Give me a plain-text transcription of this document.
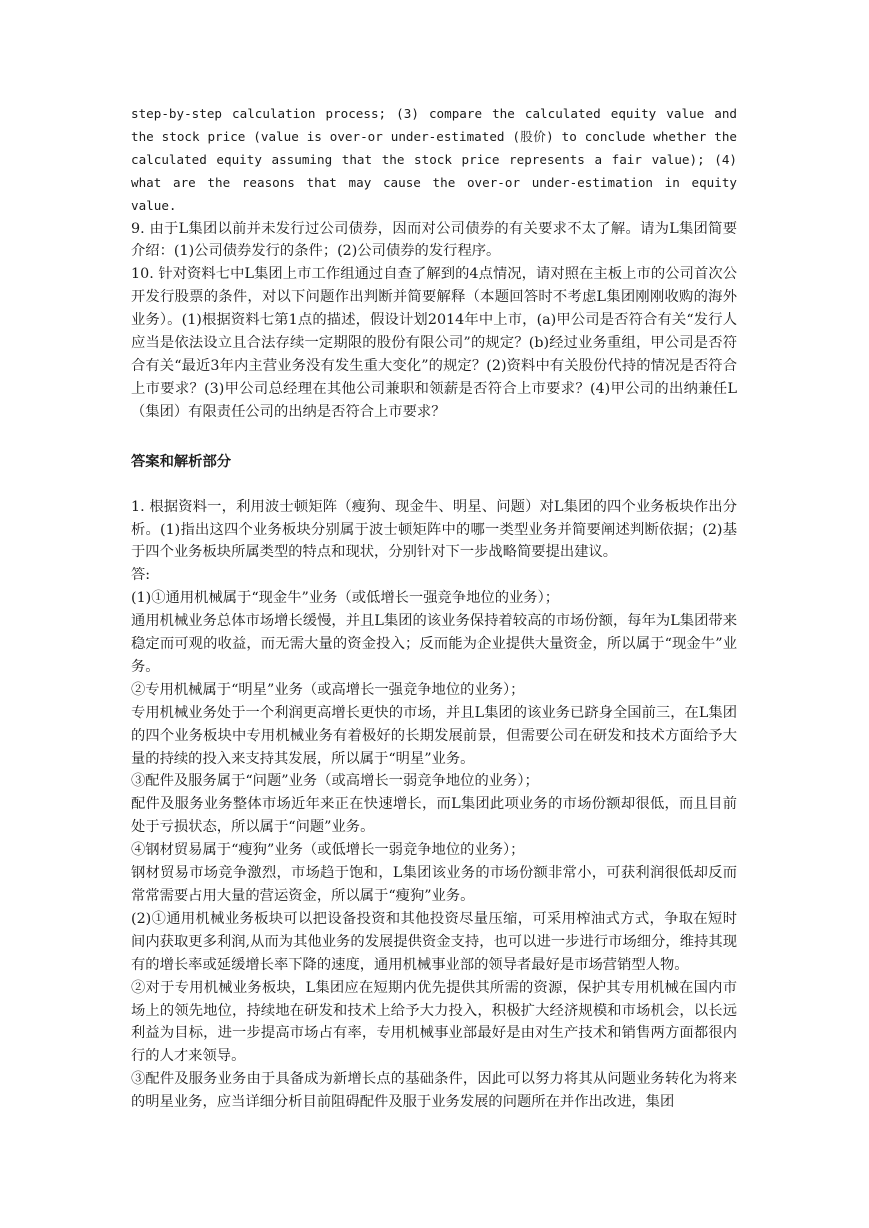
step-by-step calculation process; (3) compare the calculated equity value and the stock price (value is over-or under-estimated (股价) to conclude whether the calculated equity assuming that the stock price represents a fair value); (4) what are the reasons that may cause the over-or under-estimation in equity value.

9. 由于L集团以前并未发行过公司债券，因而对公司债券的有关要求不太了解。请为L集团简要介绍：(1)公司债券发行的条件；(2)公司债券的发行程序。

10. 针对资料七中L集团上市工作组通过自查了解到的4点情况，请对照在主板上市的公司首次公开发行股票的条件，对以下问题作出判断并简要解释（本题回答时不考虑L集团刚刚收购的海外业务）。(1)根据资料七第1点的描述，假设计划2014年中上市，(a)甲公司是否符合有关“发行人应当是依法设立且合法存续一定期限的股份有限公司”的规定？(b)经过业务重组，甲公司是否符合有关“最近3年内主营业务没有发生重大变化”的规定？(2)资料中有关股份代持的情况是否符合上市要求？(3)甲公司总经理在其他公司兼职和领薪是否符合上市要求？(4)甲公司的出纳兼任L（集团）有限责任公司的出纳是否符合上市要求？

答案和解析部分

1. 根据资料一，利用波士顿矩阵（瘦狗、现金牛、明星、问题）对L集团的四个业务板块作出分析。(1)指出这四个业务板块分别属于波士顿矩阵中的哪一类型业务并简要阐述判断依据；(2)基于四个业务板块所属类型的特点和现状，分别针对下一步战略简要提出建议。

答:

(1)①通用机械属于“现金牛”业务（或低增长一强竞争地位的业务）；

通用机械业务总体市场增长缓慢，并且L集团的该业务保持着较高的市场份额，每年为L集团带来稳定而可观的收益，而无需大量的资金投入；反而能为企业提供大量资金，所以属于“现金牛”业务。

②专用机械属于“明星”业务（或高增长一强竞争地位的业务）；

专用机械业务处于一个利润更高增长更快的市场，并且L集团的该业务已跻身全国前三，在L集团的四个业务板块中专用机械业务有着极好的长期发展前景，但需要公司在研发和技术方面给予大量的持续的投入来支持其发展，所以属于“明星”业务。

③配件及服务属于“问题”业务（或高增长一弱竞争地位的业务）；

配件及服务业务整体市场近年来正在快速增长，而L集团此项业务的市场份额却很低，而且目前处于亏损状态，所以属于“问题”业务。

④钢材贸易属于“瘦狗”业务（或低增长一弱竞争地位的业务）；

钢材贸易市场竞争激烈，市场趋于饱和，L集团该业务的市场份额非常小，可获利润很低却反而常常需要占用大量的营运资金，所以属于“瘦狗”业务。

(2)①通用机械业务板块可以把设备投资和其他投资尽量压缩，可采用榨油式方式，争取在短时间内获取更多利润,从而为其他业务的发展提供资金支持，也可以进一步进行市场细分，维持其现有的增长率或延缓增长率下降的速度，通用机械事业部的领导者最好是市场营销型人物。

②对于专用机械业务板块，L集团应在短期内优先提供其所需的资源，保护其专用机械在国内市场上的领先地位，持续地在研发和技术上给予大力投入，积极扩大经济规模和市场机会，以长远利益为目标，进一步提高市场占有率，专用机械事业部最好是由对生产技术和销售两方面都很内行的人才来领导。

③配件及服务业务由于具备成为新增长点的基础条件，因此可以努力将其从问题业务转化为将来的明星业务，应当详细分析目前阻碍配件及服于业务发展的问题所在并作出改进，集团
